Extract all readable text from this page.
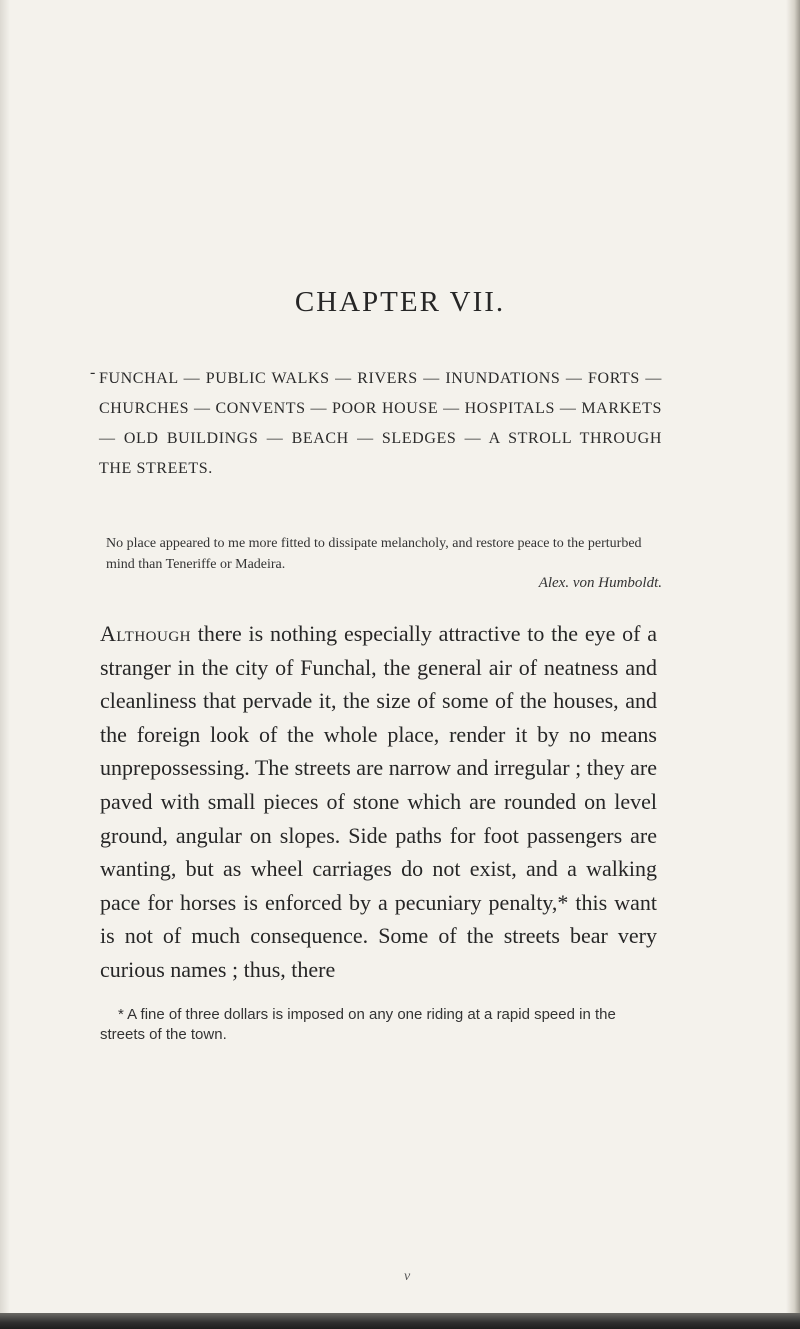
CHAPTER VII.
- FUNCHAL — PUBLIC WALKS — RIVERS — INUNDATIONS — FORTS — CHURCHES — CONVENTS — POOR HOUSE — HOSPITALS — MARKETS — OLD BUILDINGS — BEACH — SLEDGES — A STROLL THROUGH THE STREETS.
No place appeared to me more fitted to dissipate melancholy, and restore peace to the perturbed mind than Teneriffe or Madeira.
Alex. von Humboldt.
Although there is nothing especially attractive to the eye of a stranger in the city of Funchal, the general air of neatness and cleanliness that pervade it, the size of some of the houses, and the foreign look of the whole place, render it by no means unprepossessing. The streets are narrow and irregular ; they are paved with small pieces of stone which are rounded on level ground, angular on slopes. Side paths for foot passengers are wanting, but as wheel carriages do not exist, and a walking pace for horses is enforced by a pecuniary penalty,* this want is not of much consequence. Some of the streets bear very curious names ; thus, there
* A fine of three dollars is imposed on any one riding at a rapid speed in the streets of the town.
v
